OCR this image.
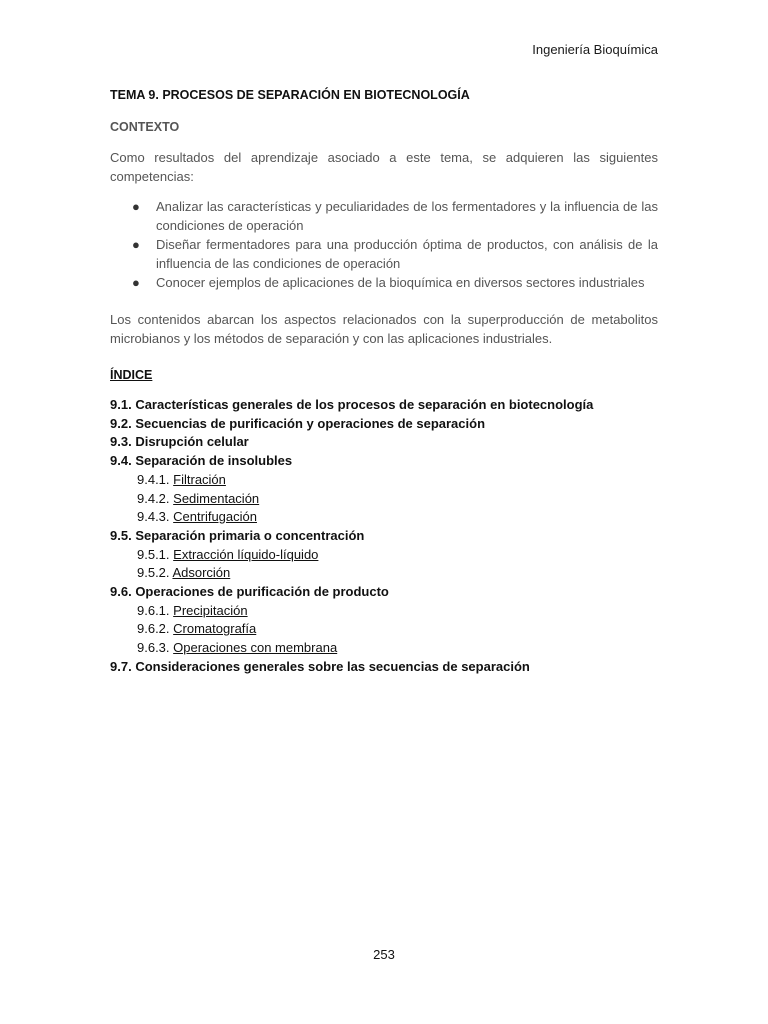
Ingeniería Bioquímica
TEMA 9. PROCESOS DE SEPARACIÓN EN BIOTECNOLOGÍA
CONTEXTO

Como resultados del aprendizaje asociado a este tema, se adquieren las siguientes competencias:

● Analizar las características y peculiaridades de los fermentadores y la influencia de las condiciones de operación
● Diseñar fermentadores para una producción óptima de productos, con análisis de la influencia de las condiciones de operación
● Conocer ejemplos de aplicaciones de la bioquímica en diversos sectores industriales

Los contenidos abarcan los aspectos relacionados con la superproducción de metabolitos microbianos y los métodos de separación y con las aplicaciones industriales.

ÍNDICE
9.1. Características generales de los procesos de separación en biotecnología
9.2. Secuencias de purificación y operaciones de separación
9.3. Disrupción celular
9.4. Separación de insolubles
9.4.1. Filtración
9.4.2. Sedimentación
9.4.3. Centrifugación
9.5. Separación primaria o concentración
9.5.1. Extracción líquido-líquido
9.5.2. Adsorción
9.6. Operaciones de purificación de producto
9.6.1. Precipitación
9.6.2. Cromatografía
9.6.3. Operaciones con membrana
9.7. Consideraciones generales sobre las secuencias de separación
253
